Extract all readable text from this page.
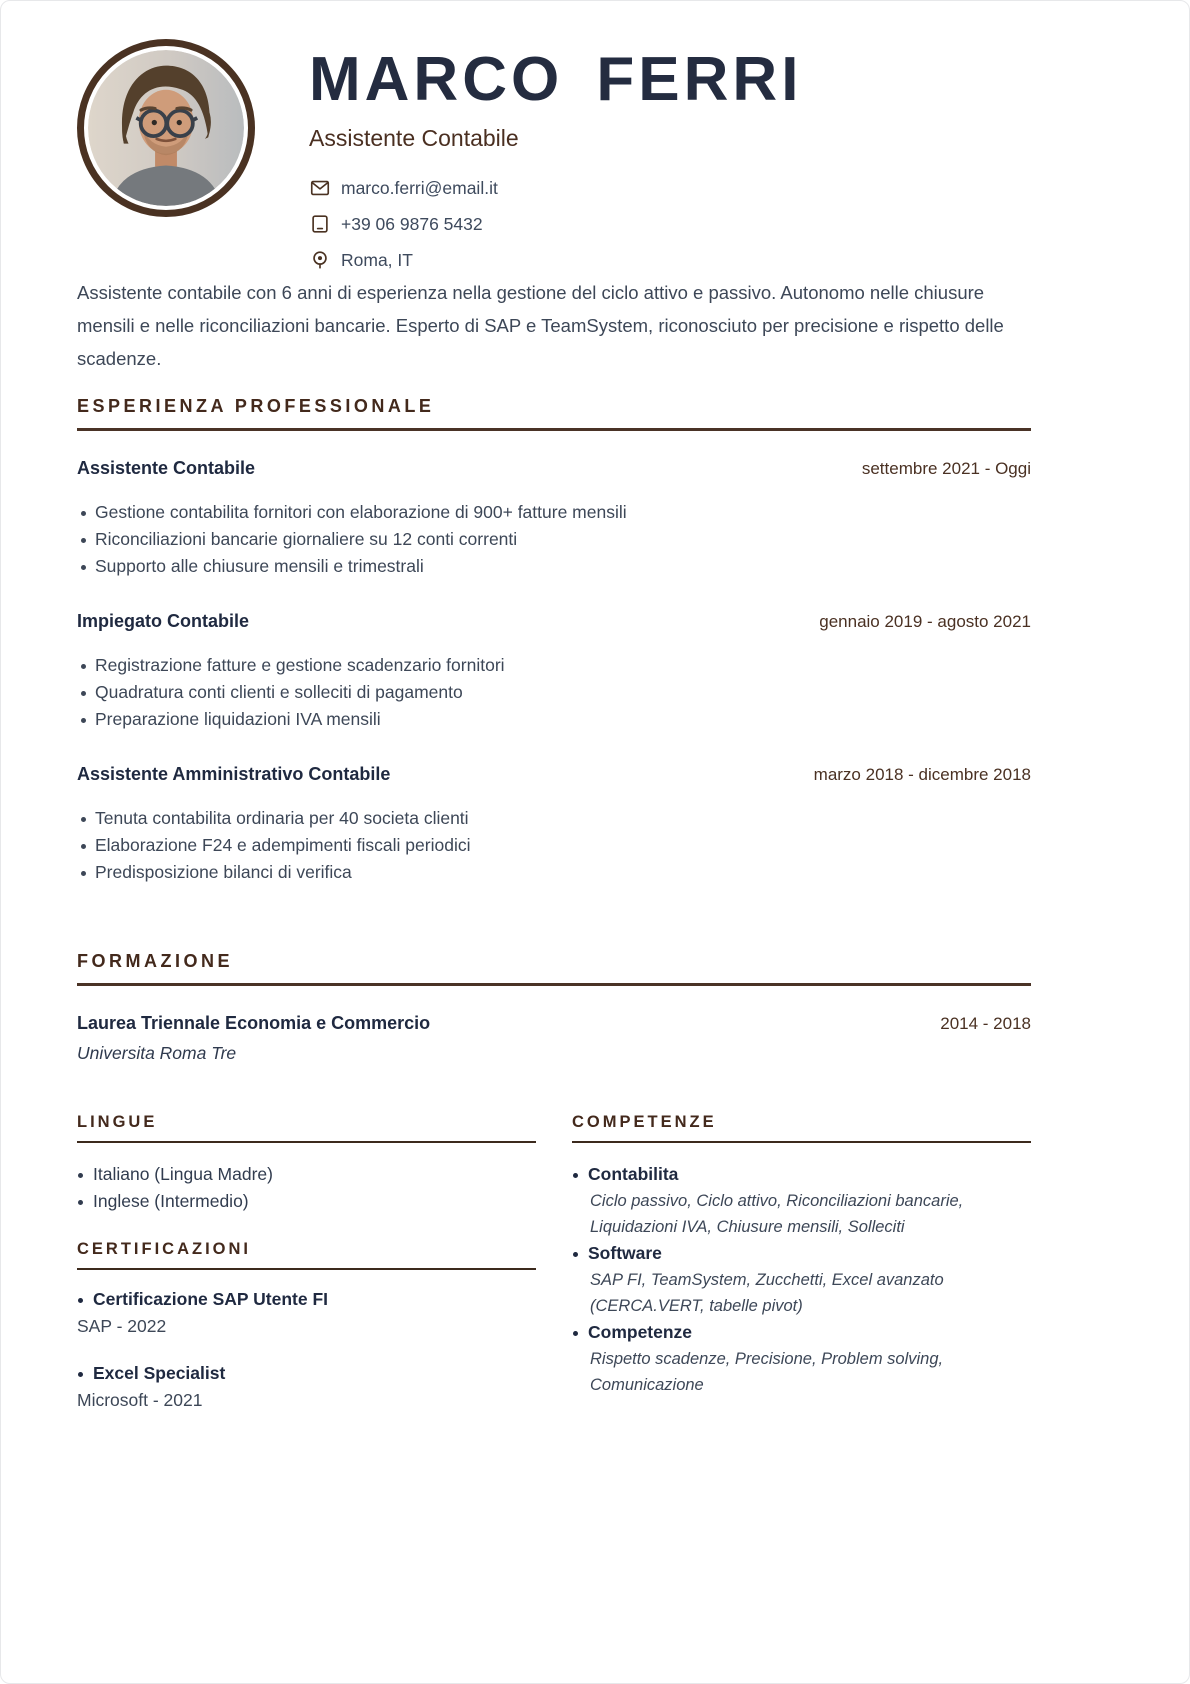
MARCO FERRI
Assistente Contabile
marco.ferri@email.it
+39 06 9876 5432
Roma, IT

Assistente contabile con 6 anni di esperienza nella gestione del ciclo attivo e passivo. Autonomo nelle chiusure mensili e nelle riconciliazioni bancarie. Esperto di SAP e TeamSystem, riconosciuto per precisione e rispetto delle scadenze.

ESPERIENZA PROFESSIONALE
Assistente Contabile	settembre 2021 - Oggi
Gestione contabilita fornitori con elaborazione di 900+ fatture mensili
Riconciliazioni bancarie giornaliere su 12 conti correnti
Supporto alle chiusure mensili e trimestrali
Impiegato Contabile	gennaio 2019 - agosto 2021
Registrazione fatture e gestione scadenzario fornitori
Quadratura conti clienti e solleciti di pagamento
Preparazione liquidazioni IVA mensili
Assistente Amministrativo Contabile	marzo 2018 - dicembre 2018
Tenuta contabilita ordinaria per 40 societa clienti
Elaborazione F24 e adempimenti fiscali periodici
Predisposizione bilanci di verifica
FORMAZIONE
Laurea Triennale Economia e Commercio	2014 - 2018
Universita Roma Tre
LINGUE
Italiano (Lingua Madre)
Inglese (Intermedio)
CERTIFICAZIONI
Certificazione SAP Utente FI
SAP - 2022
Excel Specialist
Microsoft - 2021
COMPETENZE
Contabilita
Ciclo passivo, Ciclo attivo, Riconciliazioni bancarie, Liquidazioni IVA, Chiusure mensili, Solleciti
Software
SAP FI, TeamSystem, Zucchetti, Excel avanzato (CERCA.VERT, tabelle pivot)
Competenze
Rispetto scadenze, Precisione, Problem solving, Comunicazione
